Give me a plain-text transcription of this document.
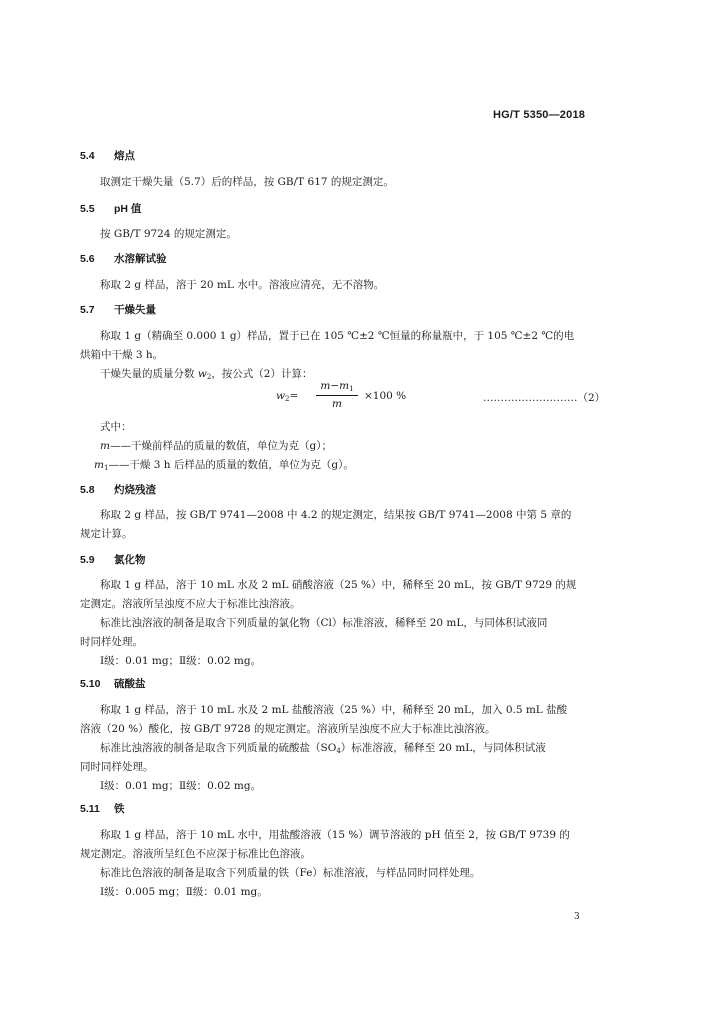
HG/T 5350—2018
5.4 熔点
取测定干燥失量（5.7）后的样品，按 GB/T 617 的规定测定。
5.5 pH 值
按 GB/T 9724 的规定测定。
5.6 水溶解试验
称取 2 g 样品，溶于 20 mL 水中。溶液应清亮，无不溶物。
5.7 干燥失量
称取 1 g（精确至 0.000 1 g）样品，置于已在 105 ℃±2 ℃恒量的称量瓶中，于 105 ℃±2 ℃的电
烘箱中干燥 3 h。
干燥失量的质量分数 $w_2$，按公式（2）计算：
$w_2=$
$m-m_1$
m
×100 %	………………………（2）
式中：
m——干燥前样品的质量的数值，单位为克（g）；
$m_1——$干燥 3 h 后样品的质量的数值，单位为克（g）。
5.8 灼烧残渣
称取 2 g 样品，按 GB/T 9741—2008 中 4.2 的规定测定，结果按 GB/T 9741—2008 中第 5 章的
规定计算。
5.9 氯化物
称取 1 g 样品，溶于 10 mL 水及 2 mL 硝酸溶液（25 %）中，稀释至 20 mL，按 GB/T 9729 的规
定测定。溶液所呈浊度不应大于标准比浊溶液。
标准比浊溶液的制备是取含下列质量的氯化物（Cl）标准溶液，稀释至 20 mL，与同体积试液同
时同样处理。
Ⅰ级：0.01 mg；Ⅱ级：0.02 mg。
5.10 硫酸盐
称取 1 g 样品，溶于 10 mL 水及 2 mL 盐酸溶液（25 %）中，稀释至 20 mL，加入 0.5 mL 盐酸
溶液（20 %）酸化，按 GB/T 9728 的规定测定。溶液所呈浊度不应大于标准比浊溶液。
标准比浊溶液的制备是取含下列质量的硫酸盐$(SO_4)$标准溶液，稀释至 20 mL，与同体积试液
同时同样处理。
Ⅰ级：0.01 mg；Ⅱ级：0.02 mg。
5.11 铁
称取 1 g 样品，溶于 10 mL 水中，用盐酸溶液（15 %）调节溶液的 pH 值至 2，按 GB/T 9739 的
规定测定。溶液所呈红色不应深于标准比色溶液。
标准比色溶液的制备是取含下列质量的铁（Fe）标准溶液，与样品同时同样处理。
Ⅰ级：0.005 mg；Ⅱ级：0.01 mg。
3
